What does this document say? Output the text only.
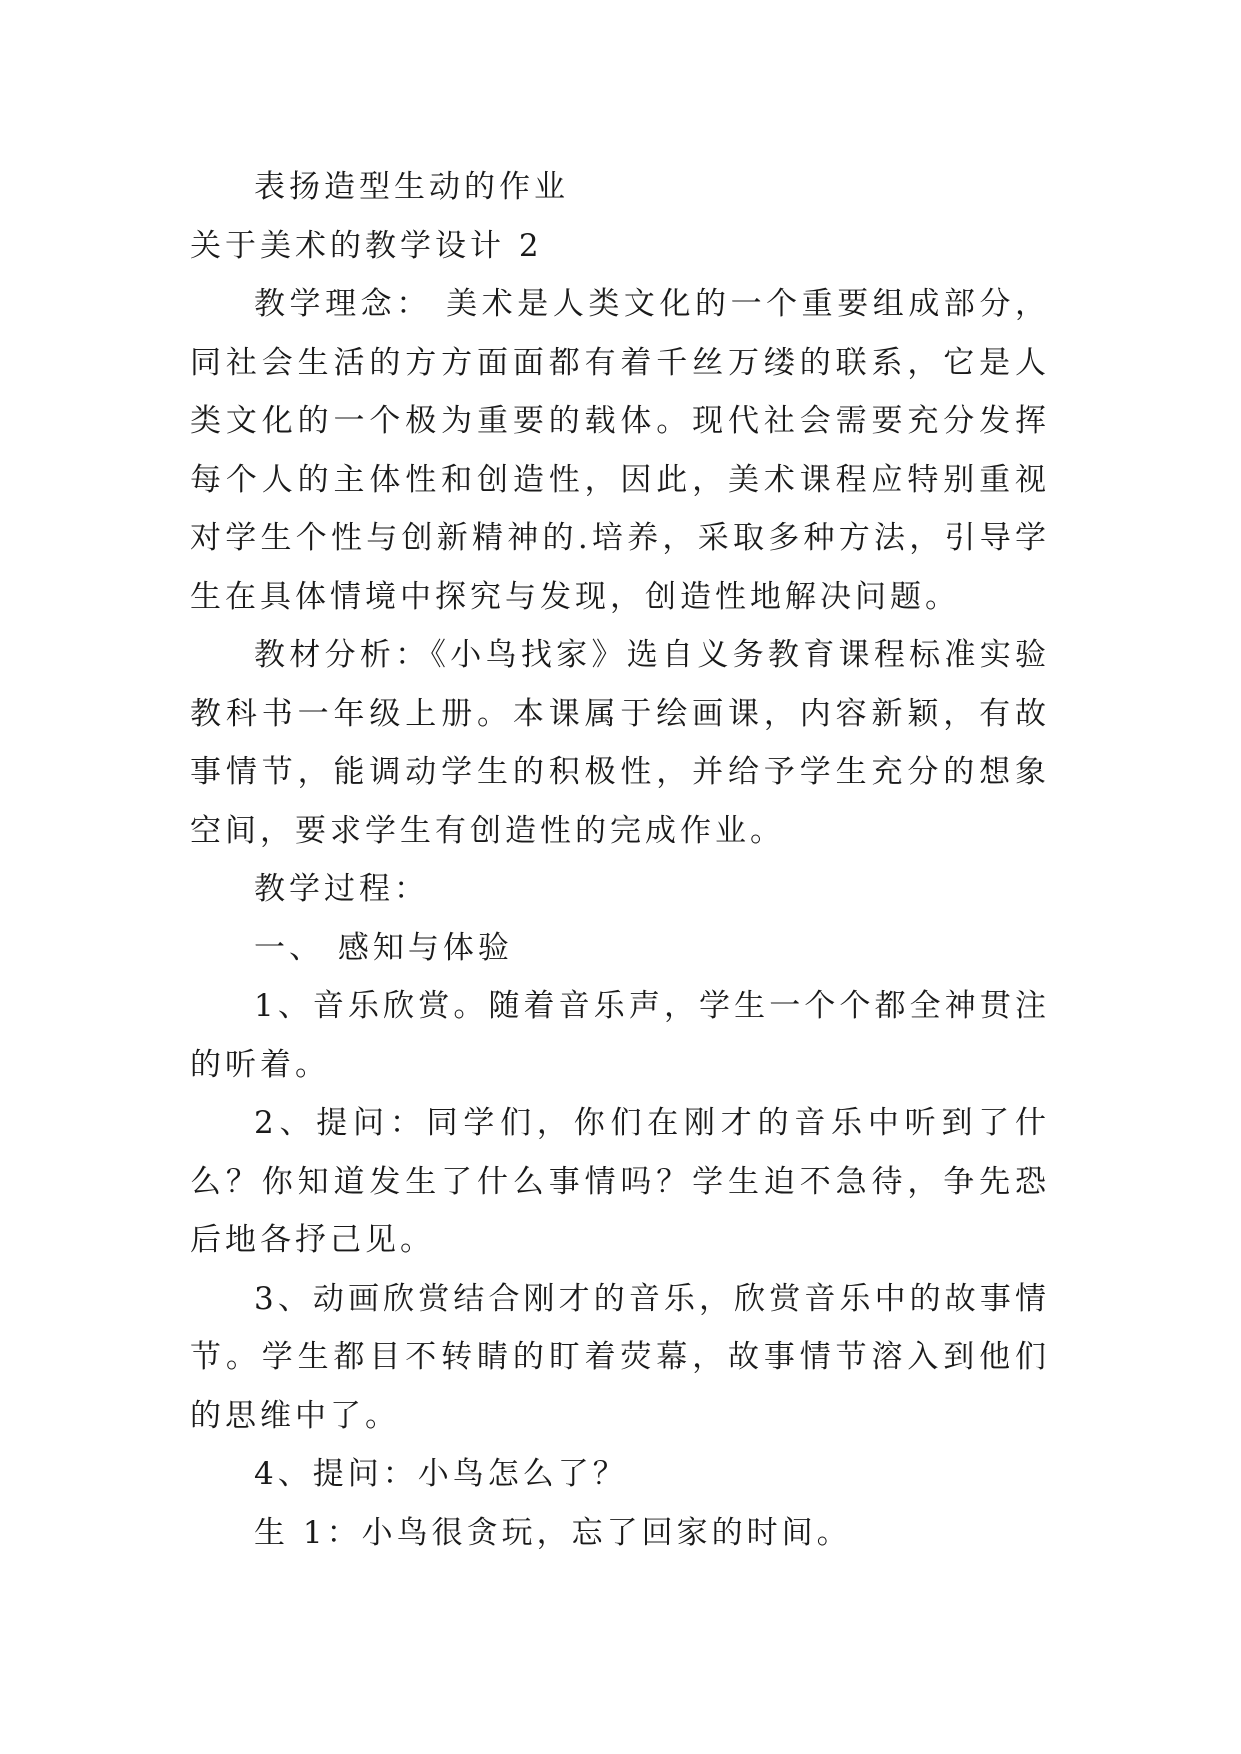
表扬造型生动的作业

关于美术的教学设计 2

教学理念： 美术是人类文化的一个重要组成部分，同社会生活的方方面面都有着千丝万缕的联系，它是人类文化的一个极为重要的载体。现代社会需要充分发挥每个人的主体性和创造性，因此，美术课程应特别重视对学生个性与创新精神的.培养，采取多种方法，引导学生在具体情境中探究与发现，创造性地解决问题。

教材分析：《小鸟找家》选自义务教育课程标准实验教科书一年级上册。本课属于绘画课，内容新颖，有故事情节，能调动学生的积极性，并给予学生充分的想象空间，要求学生有创造性的完成作业。

教学过程：

一、 感知与体验

1、音乐欣赏。随着音乐声，学生一个个都全神贯注的听着。

2、提问：同学们，你们在刚才的音乐中听到了什么？你知道发生了什么事情吗？学生迫不急待，争先恐后地各抒己见。

3、动画欣赏结合刚才的音乐，欣赏音乐中的故事情节。学生都目不转睛的盯着荧幕，故事情节溶入到他们的思维中了。

4、提问：小鸟怎么了？

生 1：小鸟很贪玩，忘了回家的时间。
